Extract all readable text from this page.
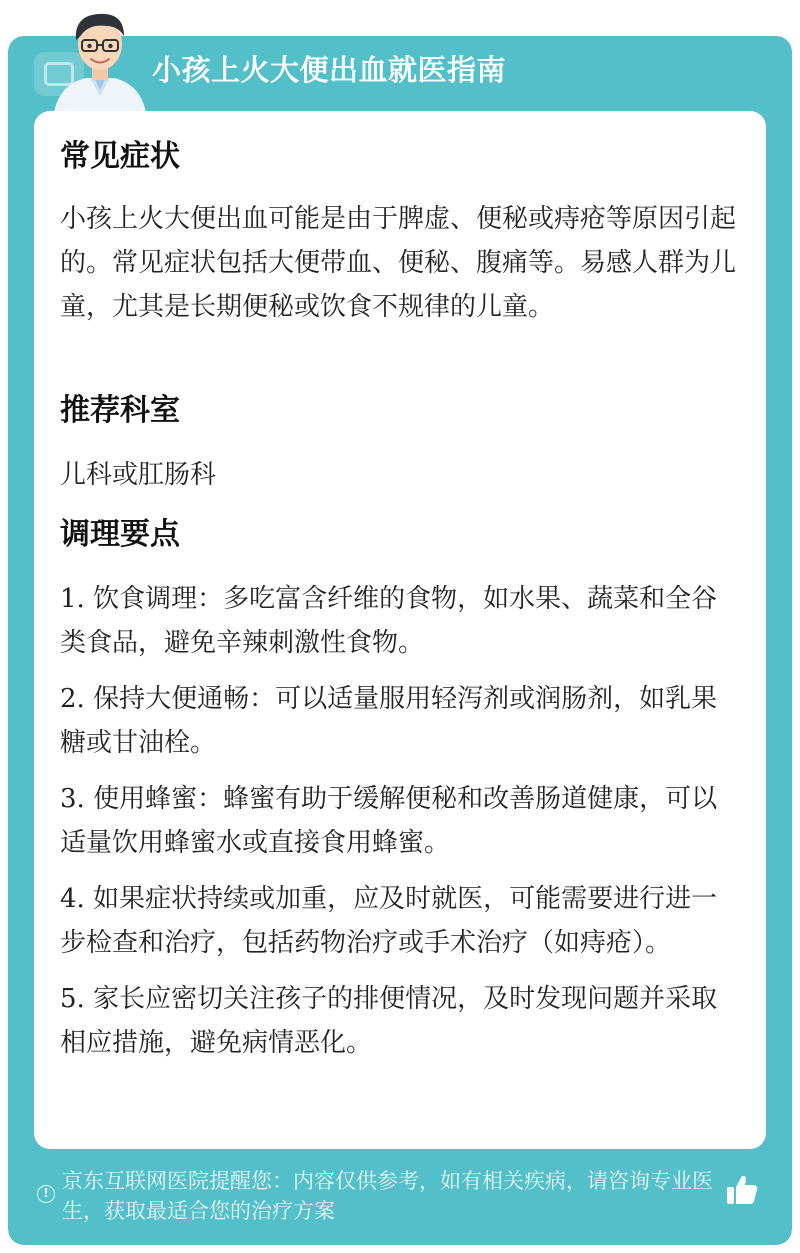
小孩上火大便出血就医指南
常见症状

小孩上火大便出血可能是由于脾虚、便秘或痔疮等原因引起的。常见症状包括大便带血、便秘、腹痛等。易感人群为儿童，尤其是长期便秘或饮食不规律的儿童。

推荐科室

儿科或肛肠科

调理要点

1. 饮食调理：多吃富含纤维的食物，如水果、蔬菜和全谷类食品，避免辛辣刺激性食物。

2. 保持大便通畅：可以适量服用轻泻剂或润肠剂，如乳果糖或甘油栓。

3. 使用蜂蜜：蜂蜜有助于缓解便秘和改善肠道健康，可以适量饮用蜂蜜水或直接食用蜂蜜。

4. 如果症状持续或加重，应及时就医，可能需要进行进一步检查和治疗，包括药物治疗或手术治疗（如痔疮）。

5. 家长应密切关注孩子的排便情况，及时发现问题并采取相应措施，避免病情恶化。

! 京东互联网医院提醒您：内容仅供参考，如有相关疾病，请咨询专业医生，获取最适合您的治疗方案
